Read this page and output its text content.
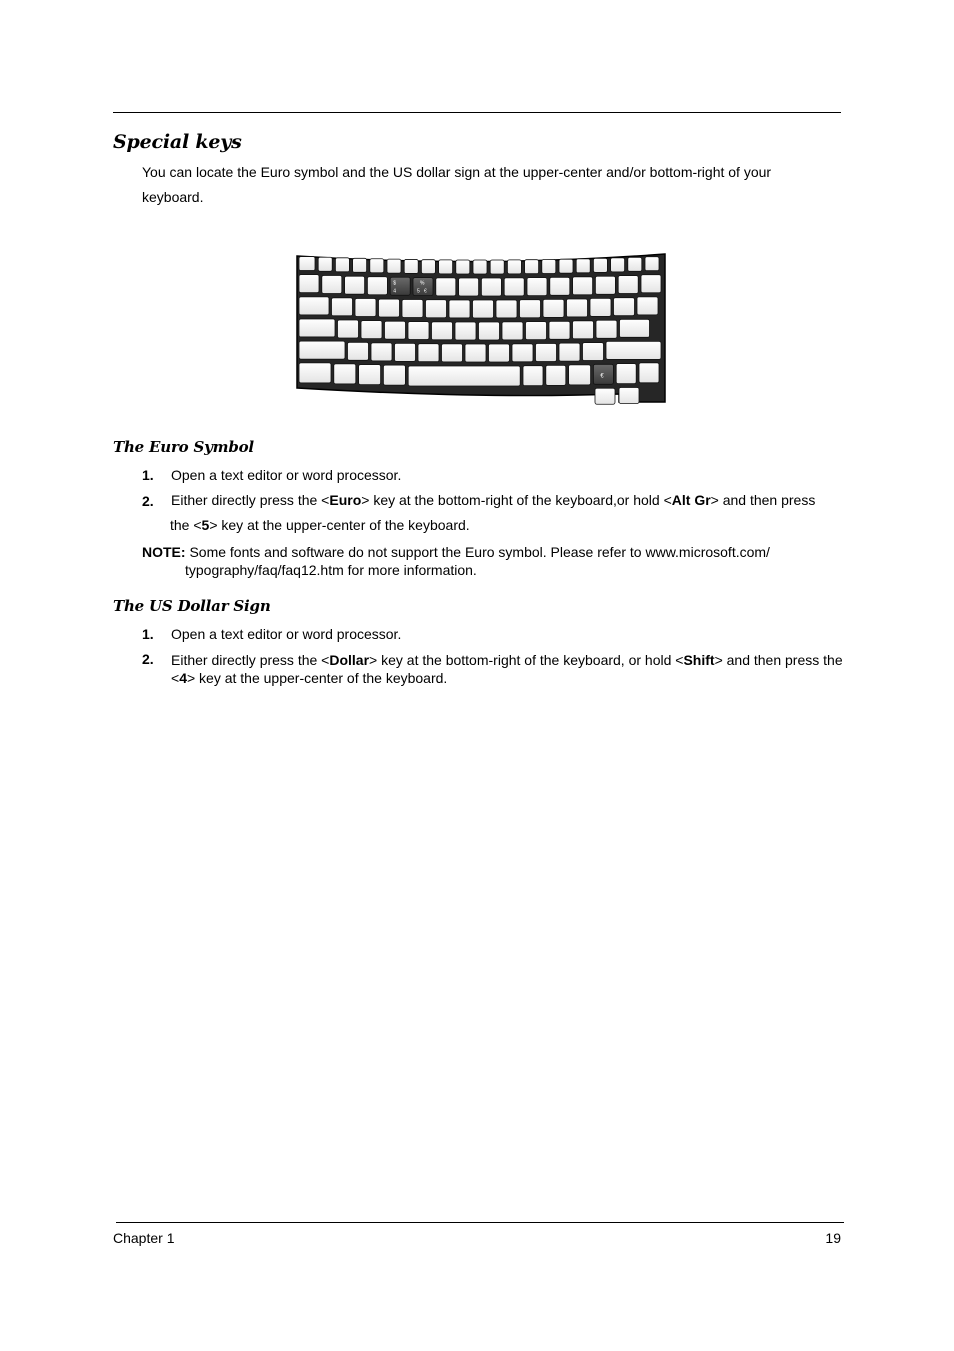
Special keys
You can locate the Euro symbol and the US dollar sign at the upper-center and/or bottom-right of your keyboard.
$
4
%
5 €
€
The Euro Symbol
1. Open a text editor or word processor.
2. Either directly press the <Euro> key at the bottom-right of the keyboard,or hold <Alt Gr> and then press
the <5> key at the upper-center of the keyboard.
NOTE: Some fonts and software do not support the Euro symbol. Please refer to www.microsoft.com/ typography/faq/faq12.htm for more information.
The US Dollar Sign
1. Open a text editor or word processor.
2. Either directly press the <Dollar> key at the bottom-right of the keyboard, or hold <Shift> and then press the <4> key at the upper-center of the keyboard.
Chapter 1	19
